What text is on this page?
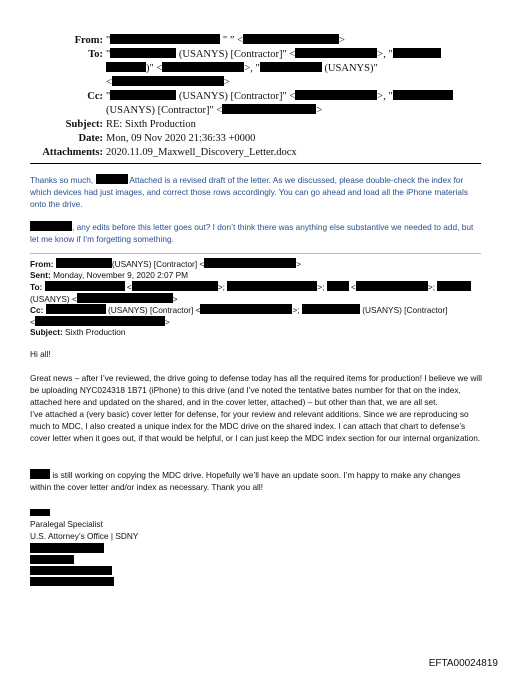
From: "	" ” <	>
To: "	(USANYS) [Contractor]" <	>, "
)" <	>, "	(USANYS)"
<	>
Cc: "	(USANYS) [Contractor]" <	>, "
(USANYS) [Contractor]" <	>
Subject: RE: Sixth Production
Date: Mon, 09 Nov 2020 21:36:33 +0000
Attachments: 2020.11.09_Maxwell_Discovery_Letter.docx

Thanks so much,	Attached is a revised draft of the letter. As we discussed, please double-check the index for which devices had just images, and correct those rows accordingly. You can go ahead and load all the iPhone materials onto the drive.

, any edits before this letter goes out? I don’t think there was anything else substantive we needed to add, but let me know if I’m forgetting something.

From:	(USANYS) [Contractor] <	>
Sent: Monday, November 9, 2020 2:07 PM
To:	<	>;	>;	<	>;
(USANYS) <	>
Cc:	(USANYS) [Contractor] <	>;	(USANYS) [Contractor]
<	>
Subject: Sixth Production

Hi all!

Great news – after I’ve reviewed, the drive going to defense today has all the required items for production! I believe we will be uploading NYC024318 1B71 (iPhone) to this drive (and I’ve noted the tentative bates number for that on the index, attached here and updated on the shared, and in the cover letter, attached) – but other than that, we are all set.

I’ve attached a (very basic) cover letter for defense, for your review and relevant additions. Since we are reproducing so much to MDC, I also created a unique index for the MDC drive on the shared index. I can attach that chart to defense’s cover letter when it goes out, if that would be helpful, or I can just keep the MDC index section for our internal organization.

is still working on copying the MDC drive. Hopefully we’ll have an update soon. I’m happy to make any changes within the cover letter and/or index as necessary. Thank you all!

Paralegal Specialist

U.S. Attorney’s Office | SDNY

EFTA00024819
